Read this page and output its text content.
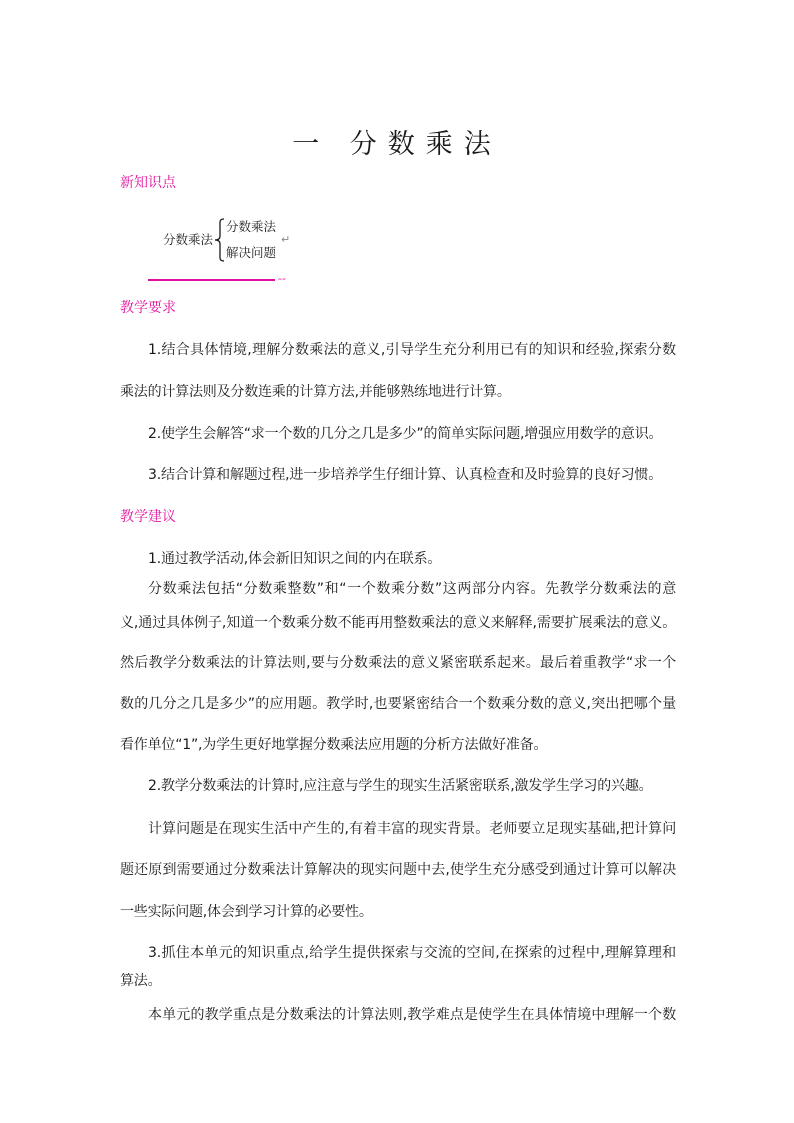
一 分数乘法
新知识点
分数乘法
分数乘法
解决问题
↵
--
教学要求
1.结合具体情境,理解分数乘法的意义,引导学生充分利用已有的知识和经验,探索分数
乘法的计算法则及分数连乘的计算方法,并能够熟练地进行计算。
2.使学生会解答“求一个数的几分之几是多少”的简单实际问题,增强应用数学的意识。
3.结合计算和解题过程,进一步培养学生仔细计算、认真检查和及时验算的良好习惯。
教学建议
1.通过教学活动,体会新旧知识之间的内在联系。
分数乘法包括“分数乘整数”和“一个数乘分数”这两部分内容。先教学分数乘法的意
义,通过具体例子,知道一个数乘分数不能再用整数乘法的意义来解释,需要扩展乘法的意义。
然后教学分数乘法的计算法则,要与分数乘法的意义紧密联系起来。最后着重教学“求一个
数的几分之几是多少”的应用题。教学时,也要紧密结合一个数乘分数的意义,突出把哪个量
看作单位“1”,为学生更好地掌握分数乘法应用题的分析方法做好准备。
2.教学分数乘法的计算时,应注意与学生的现实生活紧密联系,激发学生学习的兴趣。
计算问题是在现实生活中产生的,有着丰富的现实背景。老师要立足现实基础,把计算问
题还原到需要通过分数乘法计算解决的现实问题中去,使学生充分感受到通过计算可以解决
一些实际问题,体会到学习计算的必要性。
3.抓住本单元的知识重点,给学生提供探索与交流的空间,在探索的过程中,理解算理和
算法。
本单元的教学重点是分数乘法的计算法则,教学难点是使学生在具体情境中理解一个数
